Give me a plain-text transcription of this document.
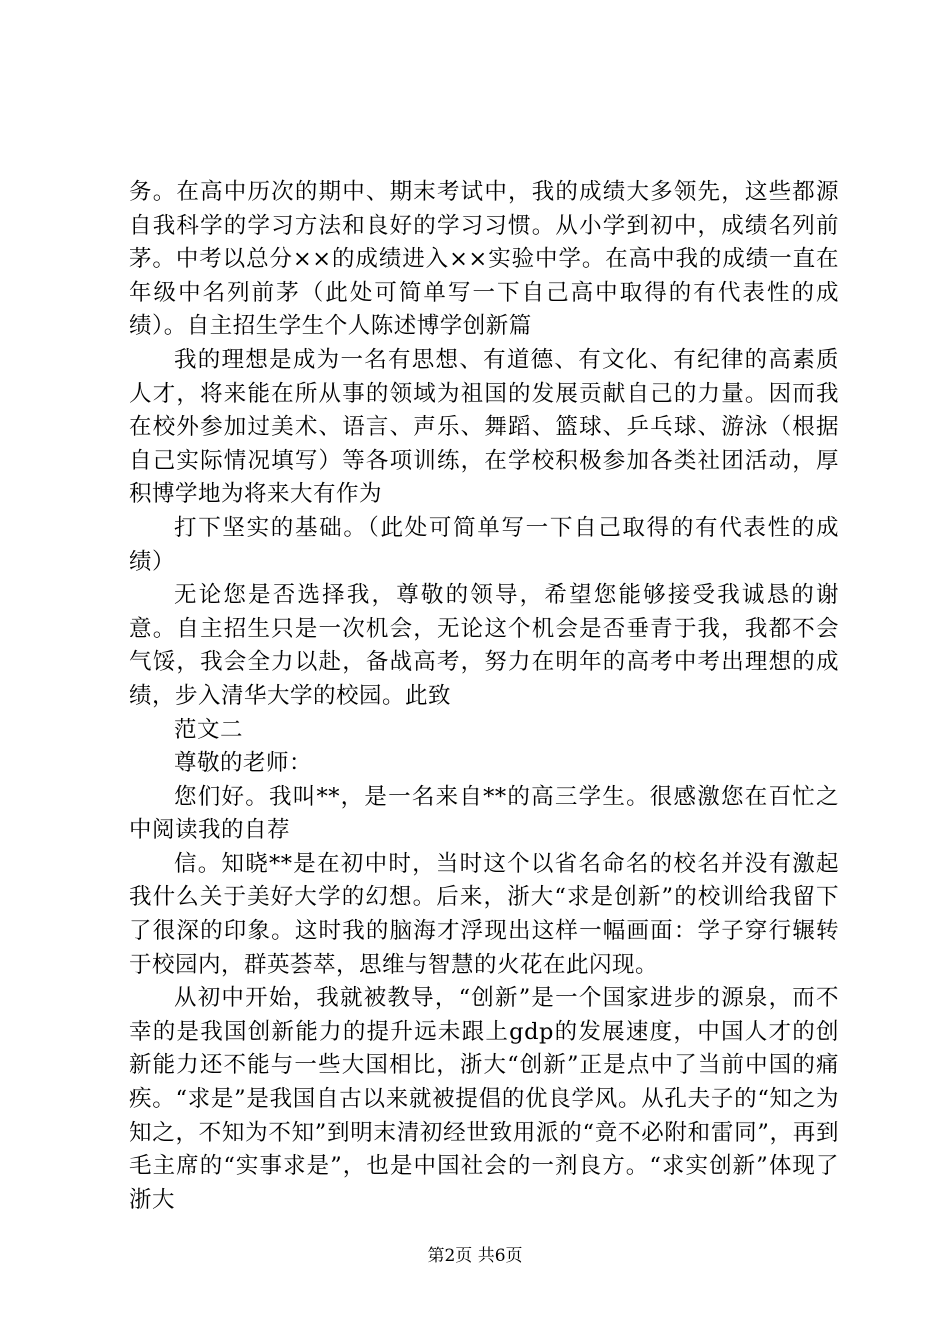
务。在高中历次的期中、期末考试中，我的成绩大多领先，这些都源自我科学的学习方法和良好的学习习惯。从小学到初中，成绩名列前茅。中考以总分××的成绩进入××实验中学。在高中我的成绩一直在年级中名列前茅（此处可简单写一下自己高中取得的有代表性的成绩）。自主招生学生个人陈述博学创新篇

我的理想是成为一名有思想、有道德、有文化、有纪律的高素质人才，将来能在所从事的领域为祖国的发展贡献自己的力量。因而我在校外参加过美术、语言、声乐、舞蹈、篮球、乒乓球、游泳（根据自己实际情况填写）等各项训练，在学校积极参加各类社团活动，厚积博学地为将来大有作为

打下坚实的基础。（此处可简单写一下自己取得的有代表性的成绩）

无论您是否选择我，尊敬的领导，希望您能够接受我诚恳的谢意。自主招生只是一次机会，无论这个机会是否垂青于我，我都不会气馁，我会全力以赴，备战高考，努力在明年的高考中考出理想的成绩，步入清华大学的校园。此致

范文二

尊敬的老师：

您们好。我叫**，是一名来自**的高三学生。很感激您在百忙之中阅读我的自荐

信。知晓**是在初中时，当时这个以省名命名的校名并没有激起我什么关于美好大学的幻想。后来，浙大“求是创新”的校训给我留下了很深的印象。这时我的脑海才浮现出这样一幅画面：学子穿行辗转于校园内，群英荟萃，思维与智慧的火花在此闪现。

从初中开始，我就被教导，“创新”是一个国家进步的源泉，而不幸的是我国创新能力的提升远未跟上gdp的发展速度，中国人才的创新能力还不能与一些大国相比，浙大“创新”正是点中了当前中国的痛疾。“求是”是我国自古以来就被提倡的优良学风。从孔夫子的“知之为知之，不知为不知”到明末清初经世致用派的“竟不必附和雷同”，再到毛主席的“实事求是”，也是中国社会的一剂良方。“求实创新”体现了浙大

第2页 共6页
